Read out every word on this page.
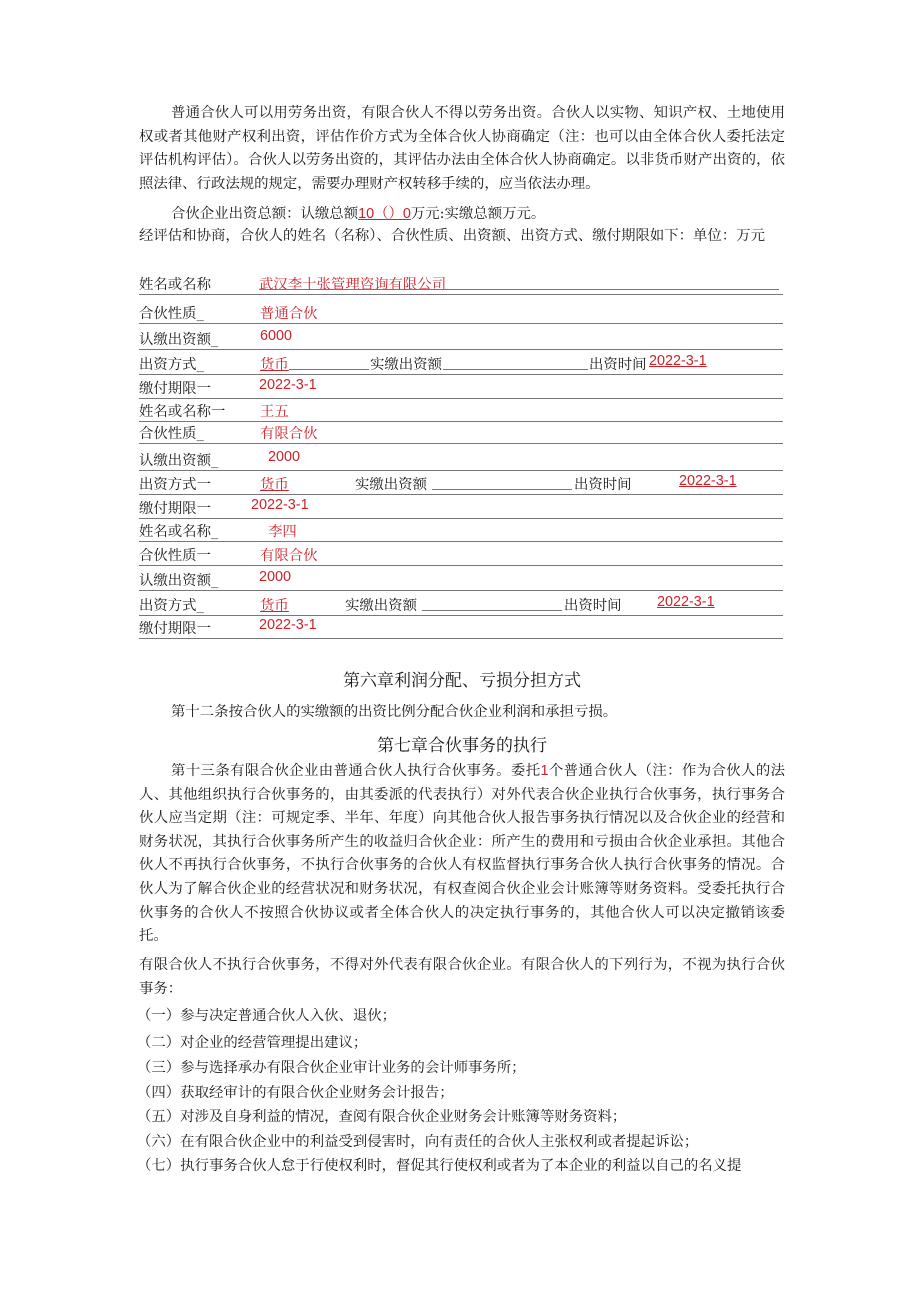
普通合伙人可以用劳务出资，有限合伙人不得以劳务出资。合伙人以实物、知识产权、土地使用权或者其他财产权利出资，评估作价方式为全体合伙人协商确定（注：也可以由全体合伙人委托法定评估机构评估）。合伙人以劳务出资的，其评估办法由全体合伙人协商确定。以非货币财产出资的，依照法律、行政法规的规定，需要办理财产权转移手续的，应当依法办理。

合伙企业出资总额：认缴总额10（）0万元:实缴总额万元。

经评估和协商，合伙人的姓名（名称）、合伙性质、出资额、出资方式、缴付期限如下：单位：万元

姓名或名称	武汉李十张管理咨询有限公司
合伙性质_	普通合伙
认缴出资额_	6000
出资方式_	货币	实缴出资额	出资时间 2022-3-1
缴付期限一	2022-3-1
姓名或名称一 王五
合伙性质_	有限合伙
认缴出资额_	2000
出资方式一	货币	实缴出资额	出资时间	2022-3-1
缴付期限一	2022-3-1
姓名或名称_	李四
合伙性质一	有限合伙
认缴出资额_	2000
出资方式_	货币	实缴出资额	出资时间 2022-3-1
缴付期限一	2022-3-1
第六章利润分配、亏损分担方式
第十二条按合伙人的实缴额的出资比例分配合伙企业利润和承担亏损。
第七章合伙事务的执行

第十三条有限合伙企业由普通合伙人执行合伙事务。委托1个普通合伙人（注：作为合伙人的法人、其他组织执行合伙事务的，由其委派的代表执行）对外代表合伙企业执行合伙事务，执行事务合伙人应当定期（注：可规定季、半年、年度）向其他合伙人报告事务执行情况以及合伙企业的经营和财务状况，其执行合伙事务所产生的收益归合伙企业：所产生的费用和亏损由合伙企业承担。其他合伙人不再执行合伙事务，不执行合伙事务的合伙人有权监督执行事务合伙人执行合伙事务的情况。合伙人为了解合伙企业的经营状况和财务状况，有权查阅合伙企业会计账簿等财务资料。受委托执行合伙事务的合伙人不按照合伙协议或者全体合伙人的决定执行事务的，其他合伙人可以决定撤销该委托。

有限合伙人不执行合伙事务，不得对外代表有限合伙企业。有限合伙人的下列行为，不视为执行合伙事务：

（一）参与决定普通合伙人入伙、退伙；
（二）对企业的经营管理提出建议；
（三）参与选择承办有限合伙企业审计业务的会计师事务所；
（四）获取经审计的有限合伙企业财务会计报告；
（五）对涉及自身利益的情况，查阅有限合伙企业财务会计账簿等财务资料；
（六）在有限合伙企业中的利益受到侵害时，向有责任的合伙人主张权利或者提起诉讼；
（七）执行事务合伙人怠于行使权利时，督促其行使权利或者为了本企业的利益以自己的名义提
